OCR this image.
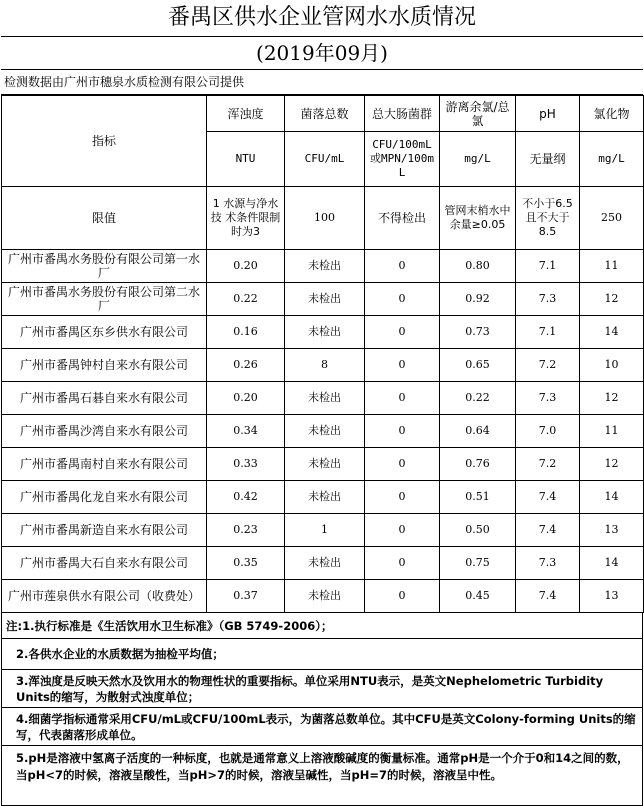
番禺区供水企业管网水水质情况
(2019年09月)
检测数据由广州市穗泉水质检测有限公司提供
指标	浑浊度	菌落总数	总大肠菌群	游离余氯/总氯	pH	氯化物
	NTU	CFU/mL	CFU/100mL或MPN/100mL	mg/L	无量纲	mg/L
限值	1 水源与净水技 术条件限制时为3	100	不得检出	管网末梢水中 余量≥0.05	不小于6.5且不大于8.5	250
广州市番禺水务股份有限公司第一水厂	0.20	未检出	0	0.80	7.1	11
广州市番禺水务股份有限公司第二水厂	0.22	未检出	0	0.92	7.3	12
广州市番禺区东乡供水有限公司	0.16	未检出	0	0.73	7.1	14
广州市番禺钟村自来水有限公司	0.26	8	0	0.65	7.2	10
广州市番禺石碁自来水有限公司	0.20	未检出	0	0.22	7.3	12
广州市番禺沙湾自来水有限公司	0.34	未检出	0	0.64	7.0	11
广州市番禺南村自来水有限公司	0.33	未检出	0	0.76	7.2	12
广州市番禺化龙自来水有限公司	0.42	未检出	0	0.51	7.4	14
广州市番禺新造自来水有限公司	0.23	1	0	0.50	7.4	13
广州市番禺大石自来水有限公司	0.35	未检出	0	0.75	7.3	14
广州市莲泉供水有限公司（收费处）	0.37	未检出	0	0.45	7.4	13
注:1.执行标准是《生活饮用水卫生标准》（GB 5749-2006）；
2.各供水企业的水质数据为抽检平均值；
3.浑浊度是反映天然水及饮用水的物理性状的重要指标。单位采用NTU表示，是英文Nephelometric Turbidity Units的缩写，为散射式浊度单位；
4.细菌学指标通常采用CFU/mL或CFU/100mL表示，为菌落总数单位。其中CFU是英文Colony-forming Units的缩写，代表菌落形成单位。
5.pH是溶液中氢离子活度的一种标度，也就是通常意义上溶液酸碱度的衡量标准。通常pH是一个介于0和14之间的数，当pH<7的时候，溶液呈酸性，当pH>7的时候，溶液呈碱性，当pH=7的时候，溶液呈中性。
